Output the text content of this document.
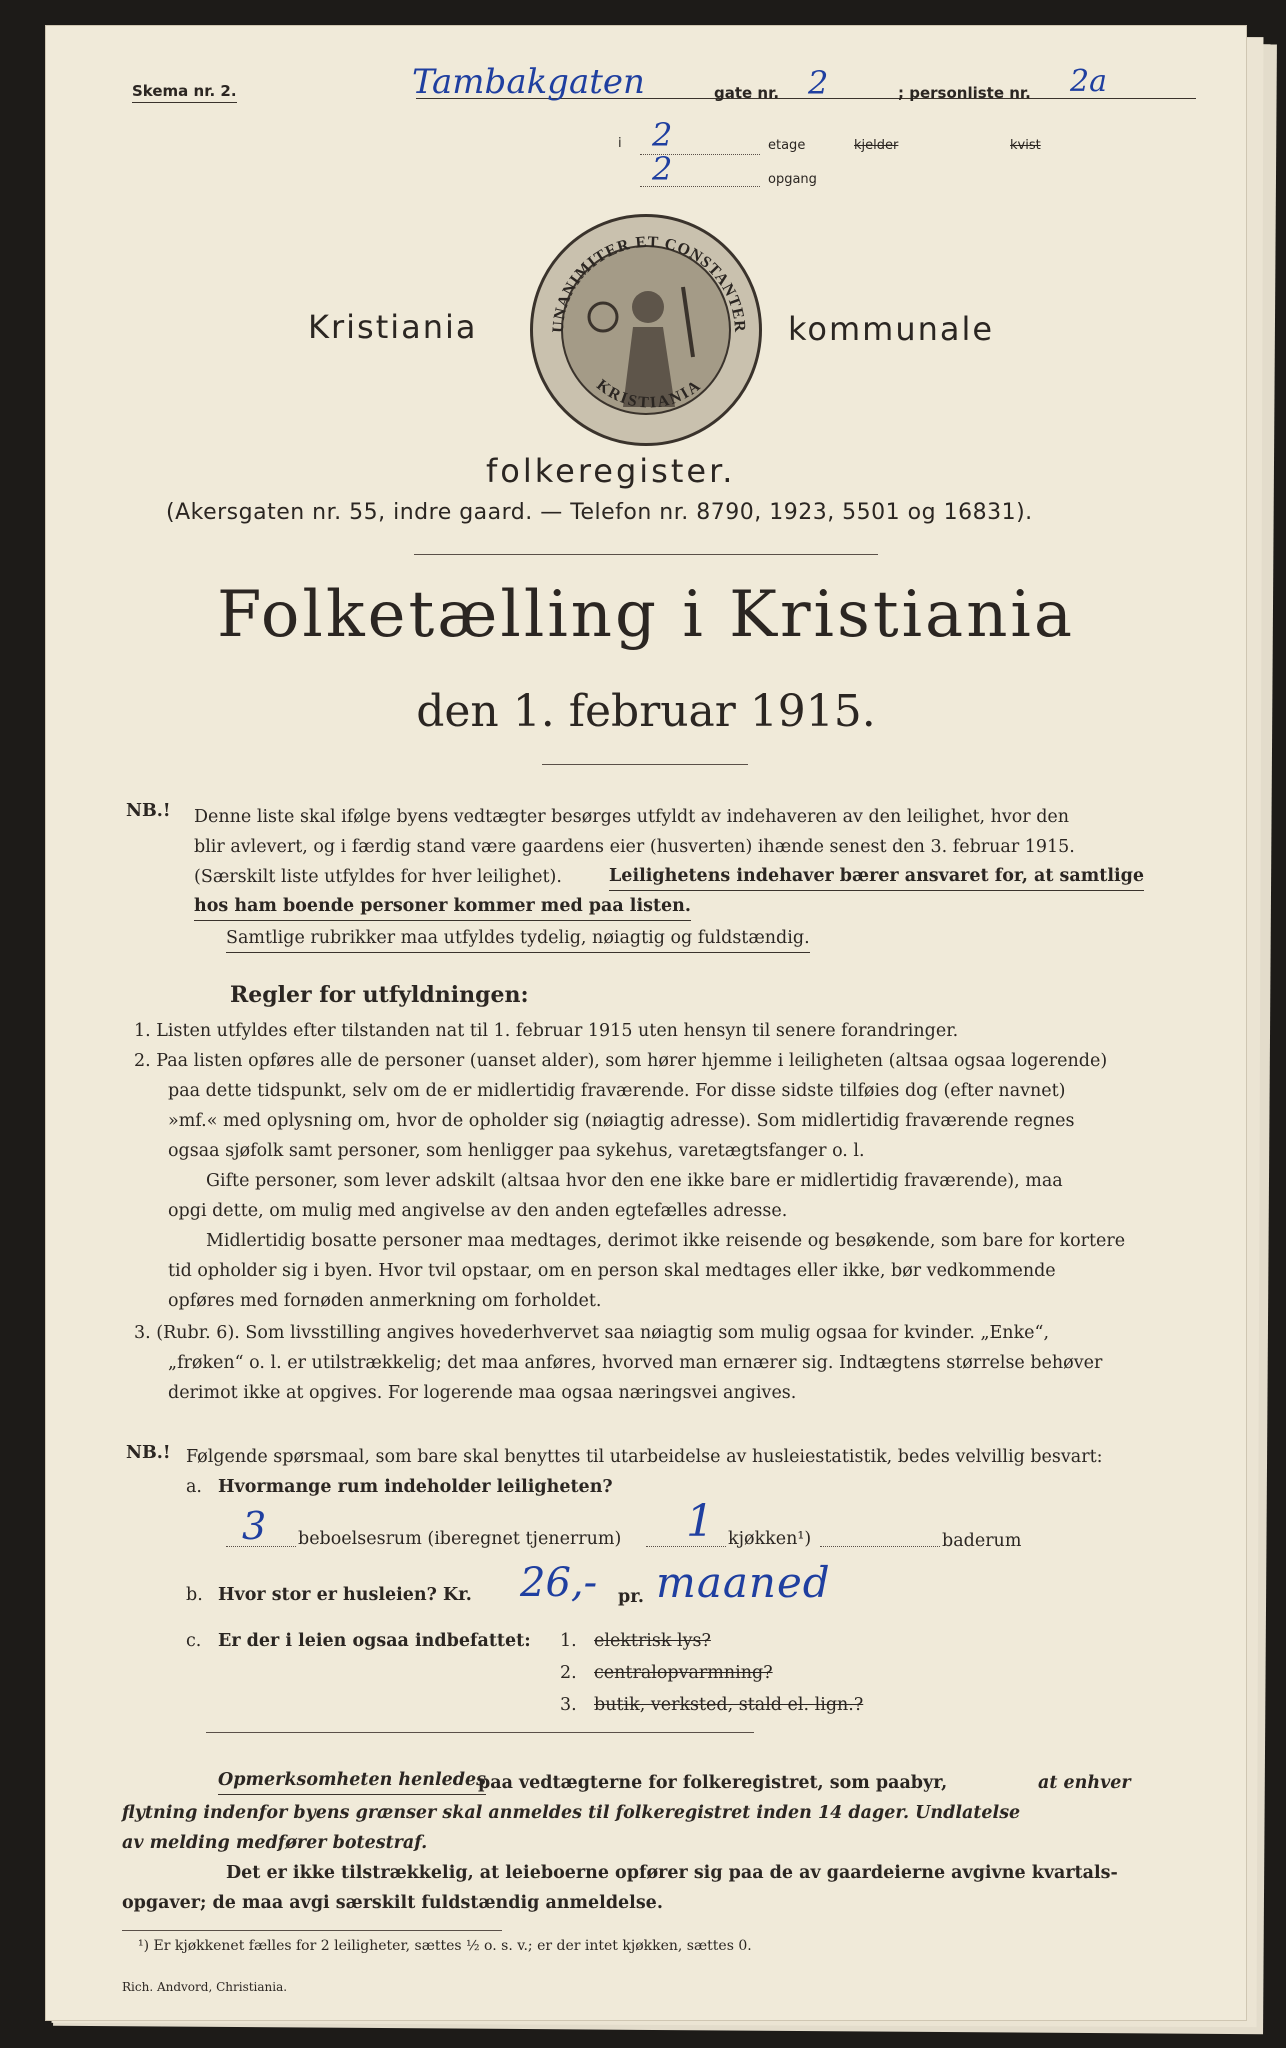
Skema nr. 2.	Tambakgaten	gate nr. 2	; personliste nr. 2a
i 2	etage	kjelder	kvist
2	opgang
UNANIMITER ET CONSTANTER
KRISTIANIA
Kristiania	kommunale
folkeregister.
(Akersgaten nr. 55, indre gaard. — Telefon nr. 8790, 1923, 5501 og 16831).
Folketælling i Kristiania
den 1. februar 1915.
NB.! Denne liste skal ifølge byens vedtægter besørges utfyldt av indehaveren av den leilighet, hvor den
blir avlevert, og i færdig stand være gaardens eier (husverten) ihænde senest den 3. februar 1915.
(Særskilt liste utfyldes for hver leilighet).	Leilighetens indehaver bærer ansvaret for, at samtlige
hos ham boende personer kommer med paa listen.
Samtlige rubrikker maa utfyldes tydelig, nøiagtig og fuldstændig.
Regler for utfyldningen:
1. Listen utfyldes efter tilstanden nat til 1. februar 1915 uten hensyn til senere forandringer.
2. Paa listen opføres alle de personer (uanset alder), som hører hjemme i leiligheten (altsaa ogsaa logerende)
paa dette tidspunkt, selv om de er midlertidig fraværende. For disse sidste tilføies dog (efter navnet)
»mf.« med oplysning om, hvor de opholder sig (nøiagtig adresse). Som midlertidig fraværende regnes
ogsaa sjøfolk samt personer, som henligger paa sykehus, varetægtsfanger o. l.
Gifte personer, som lever adskilt (altsaa hvor den ene ikke bare er midlertidig fraværende), maa
opgi dette, om mulig med angivelse av den anden egtefælles adresse.
Midlertidig bosatte personer maa medtages, derimot ikke reisende og besøkende, som bare for kortere
tid opholder sig i byen. Hvor tvil opstaar, om en person skal medtages eller ikke, bør vedkommende
opføres med fornøden anmerkning om forholdet.
3. (Rubr. 6). Som livsstilling angives hovederhvervet saa nøiagtig som mulig ogsaa for kvinder. „Enke“,
„frøken“ o. l. er utilstrækkelig; det maa anføres, hvorved man ernærer sig. Indtægtens størrelse behøver
derimot ikke at opgives. For logerende maa ogsaa næringsvei angives.
NB.! Følgende spørsmaal, som bare skal benyttes til utarbeidelse av husleiestatistik, bedes velvillig besvart:
a. Hvormange rum indeholder leiligheten?
3 beboelsesrum (iberegnet tjenerrum) 1 kjøkken¹)	baderum
b. Hvor stor er husleien? Kr. 26,- pr. maaned
c. Er der i leien ogsaa indbefattet: 1. elektrisk lys?
2. centralopvarmning?
3. butik, verksted, stald el. lign.?
Opmerksomheten henledes
paa vedtægterne for folkeregistret, som paabyr,	at enhver
flytning indenfor byens grænser skal anmeldes til folkeregistret inden 14 dager. Undlatelse
av melding medfører botestraf.
Det er ikke tilstrækkelig, at leieboerne opfører sig paa de av gaardeierne avgivne kvartals-
opgaver; de maa avgi særskilt fuldstændig anmeldelse.
¹) Er kjøkkenet fælles for 2 leiligheter, sættes ½ o. s. v.; er der intet kjøkken, sættes 0.
Rich. Andvord, Christiania.
